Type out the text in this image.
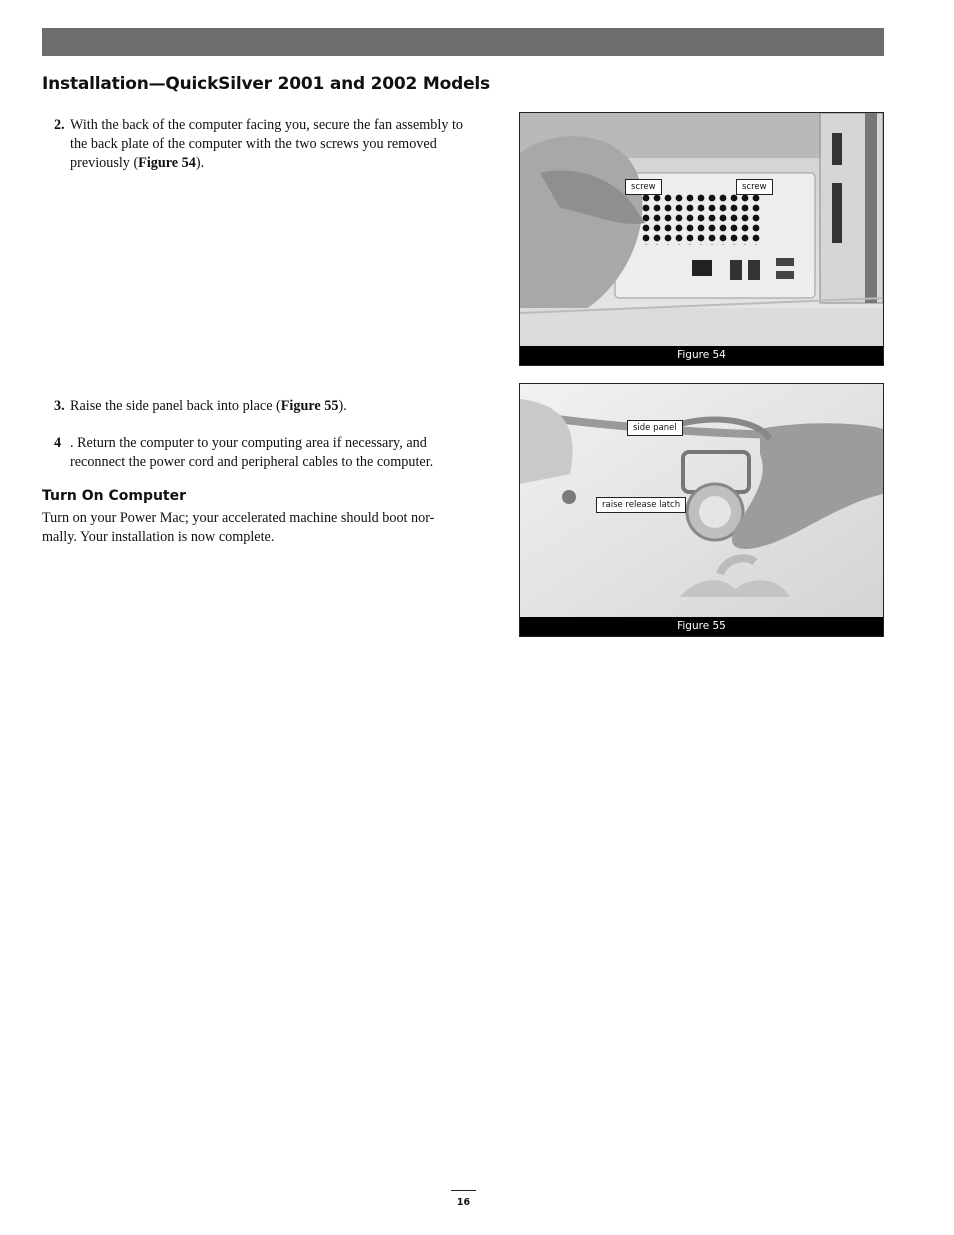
Installation—QuickSilver 2001 and 2002 Models
2. With the back of the computer facing you, secure the fan assembly to the back plate of the computer with the two screws you removed previously (Figure 54).
3. Raise the side panel back into place (Figure 55).
4 . Return the computer to your computing area if necessary, and reconnect the power cord and peripheral cables to the computer.
Turn On Computer

Turn on your Power Mac; your accelerated machine should boot nor-mally. Your installation is now complete.

screw	screw
Figure 54
side panel
raise release latch
Figure 55
16
